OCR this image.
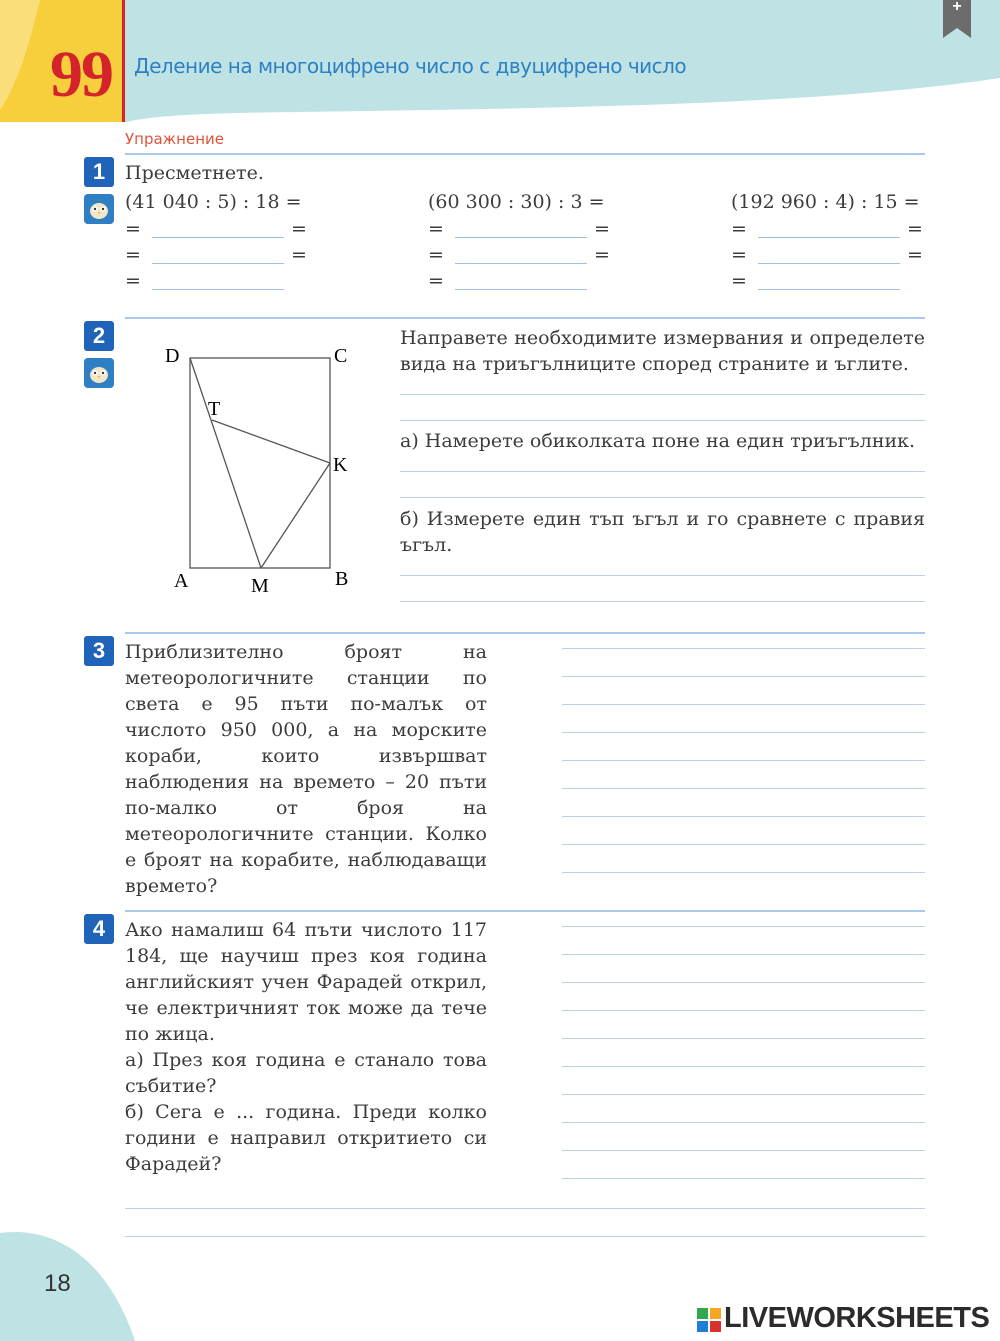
+
99 Деление на многоцифрено число с двуцифрено число
Упражнение
1	Пресметнете.
(41 040 : 5) : 18 =
=	=
=	=
=
(60 300 : 30) : 3 =
=	=
=	=
=
(192 960 : 4) : 15 =
=	=
=	=
=
2
D	C
T
K
A	M	B
Направете необходимите измервания и определете вида на триъгълниците според страните и ъглите.
а) Намерете обиколката поне на един триъгълник.
б) Измерете един тъп ъгъл и го сравнете с правия ъгъл.
3	Приблизително броят на метеорологичните станции по света е 95 пъти по-малък от числото 950 000, а на морските кораби, които извършват наблюдения на времето – 20 пъти по-малко от броя на метеорологичните станции. Колко е броят на корабите, наблюдаващи времето?
4	Ако намалиш 64 пъти числото 117 184, ще научиш през коя година английският учен Фарадей открил, че електричният ток може да тече по жица.
а) През коя година е станало това събитие?
б) Сега е ... година. Преди колко години е направил откритието си Фарадей?
18
LIVEWORKSHEETS
